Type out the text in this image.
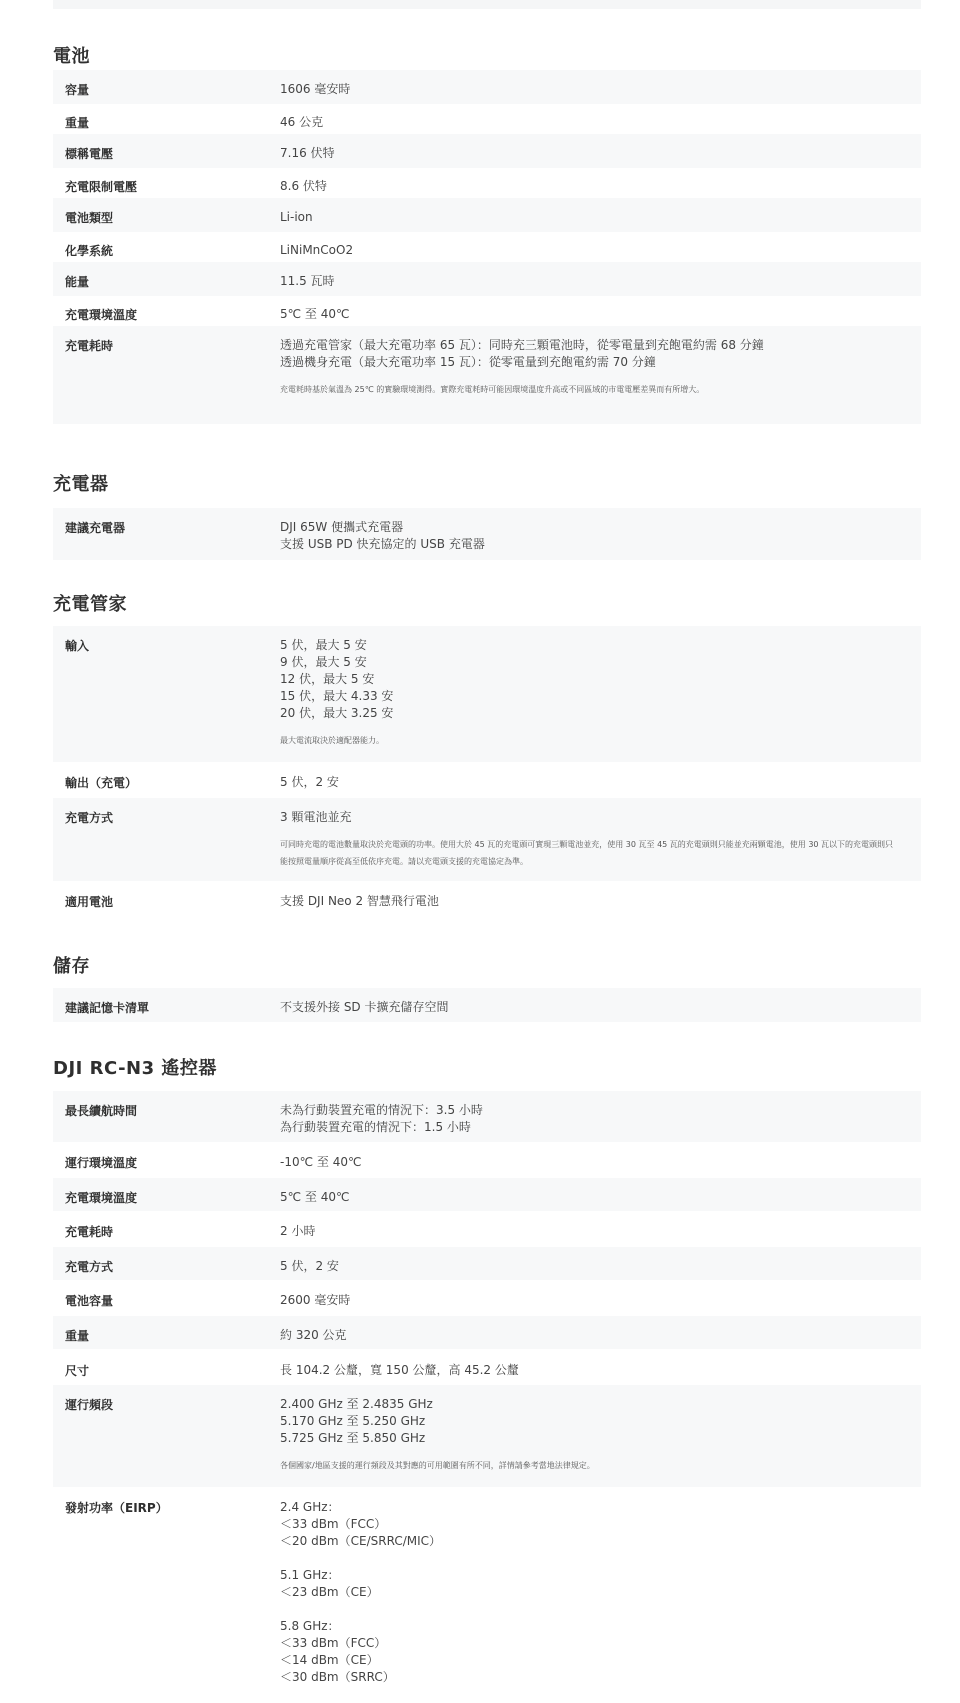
電池
容量	1606 毫安時
重量	46 公克
標稱電壓	7.16 伏特
充電限制電壓	8.6 伏特
電池類型	Li-ion
化學系統	LiNiMnCoO2
能量	11.5 瓦時
充電環境溫度	5℃ 至 40℃
充電耗時	透過充電管家（最大充電功率 65 瓦）：同時充三顆電池時，從零電量到充飽電約需 68 分鐘
透過機身充電（最大充電功率 15 瓦）：從零電量到充飽電約需 70 分鐘
充電耗時基於氣溫為 25℃ 的實驗環境測得。實際充電耗時可能因環境溫度升高或不同區域的市電電壓差異而有所增大。
充電器
建議充電器	DJI 65W 便攜式充電器
支援 USB PD 快充協定的 USB 充電器
充電管家
輸入	5 伏，最大 5 安
9 伏，最大 5 安
12 伏，最大 5 安
15 伏，最大 4.33 安
20 伏，最大 3.25 安
最大電流取決於適配器能力。
輸出（充電）	5 伏，2 安
充電方式	3 顆電池並充
可同時充電的電池數量取決於充電頭的功率。使用大於 45 瓦的充電頭可實現三顆電池並充，使用 30 瓦至 45 瓦的充電頭則只能並充兩顆電池，使用 30 瓦以下的充電頭則只能按照電量順序從高至低依序充電。請以充電頭支援的充電協定為準。
適用電池	支援 DJI Neo 2 智慧飛行電池
儲存
建議記憶卡清單	不支援外接 SD 卡擴充儲存空間
DJI RC-N3 遙控器
最長續航時間	未為行動裝置充電的情況下：3.5 小時
為行動裝置充電的情況下：1.5 小時
運行環境溫度	-10℃ 至 40℃
充電環境溫度	5℃ 至 40℃
充電耗時	2 小時
充電方式	5 伏，2 安
電池容量	2600 毫安時
重量	約 320 公克
尺寸	長 104.2 公釐，寬 150 公釐，高 45.2 公釐
運行頻段	2.400 GHz 至 2.4835 GHz
5.170 GHz 至 5.250 GHz
5.725 GHz 至 5.850 GHz
各個國家/地區支援的運行頻段及其對應的可用範圍有所不同，詳情請參考當地法律規定。
發射功率（EIRP）	2.4 GHz：
＜33 dBm（FCC）
＜20 dBm（CE/SRRC/MIC）
5.1 GHz：
＜23 dBm（CE）
5.8 GHz：
＜33 dBm（FCC）
＜14 dBm（CE）
＜30 dBm（SRRC）
